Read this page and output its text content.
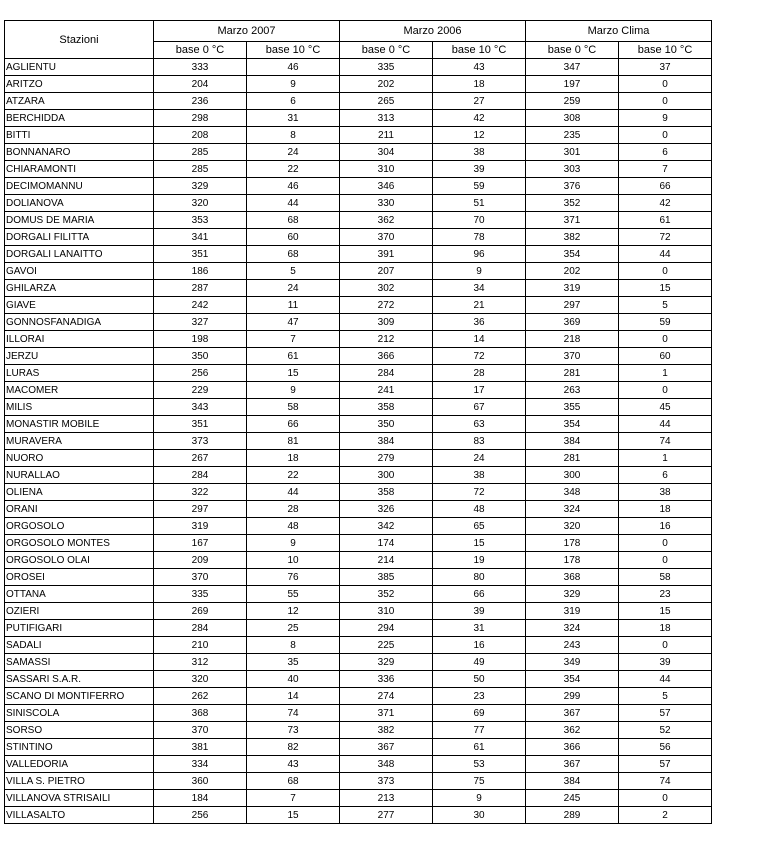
Stazioni	Marzo 2007		Marzo 2006		Marzo Clima	
	base 0 °C	base 10 °C	base 0 °C	base 10 °C	base 0 °C	base 10 °C
AGLIENTU	333	46	335	43	347	37
ARITZO	204	9	202	18	197	0
ATZARA	236	6	265	27	259	0
BERCHIDDA	298	31	313	42	308	9
BITTI	208	8	211	12	235	0
BONNANARO	285	24	304	38	301	6
CHIARAMONTI	285	22	310	39	303	7
DECIMOMANNU	329	46	346	59	376	66
DOLIANOVA	320	44	330	51	352	42
DOMUS DE MARIA	353	68	362	70	371	61
DORGALI FILITTA	341	60	370	78	382	72
DORGALI LANAITTO	351	68	391	96	354	44
GAVOI	186	5	207	9	202	0
GHILARZA	287	24	302	34	319	15
GIAVE	242	11	272	21	297	5
GONNOSFANADIGA	327	47	309	36	369	59
ILLORAI	198	7	212	14	218	0
JERZU	350	61	366	72	370	60
LURAS	256	15	284	28	281	1
MACOMER	229	9	241	17	263	0
MILIS	343	58	358	67	355	45
MONASTIR MOBILE	351	66	350	63	354	44
MURAVERA	373	81	384	83	384	74
NUORO	267	18	279	24	281	1
NURALLAO	284	22	300	38	300	6
OLIENA	322	44	358	72	348	38
ORANI	297	28	326	48	324	18
ORGOSOLO	319	48	342	65	320	16
ORGOSOLO MONTES	167	9	174	15	178	0
ORGOSOLO OLAI	209	10	214	19	178	0
OROSEI	370	76	385	80	368	58
OTTANA	335	55	352	66	329	23
OZIERI	269	12	310	39	319	15
PUTIFIGARI	284	25	294	31	324	18
SADALI	210	8	225	16	243	0
SAMASSI	312	35	329	49	349	39
SASSARI S.A.R.	320	40	336	50	354	44
SCANO DI MONTIFERRO	262	14	274	23	299	5
SINISCOLA	368	74	371	69	367	57
SORSO	370	73	382	77	362	52
STINTINO	381	82	367	61	366	56
VALLEDORIA	334	43	348	53	367	57
VILLA S. PIETRO	360	68	373	75	384	74
VILLANOVA STRISAILI	184	7	213	9	245	0
VILLASALTO	256	15	277	30	289	2
